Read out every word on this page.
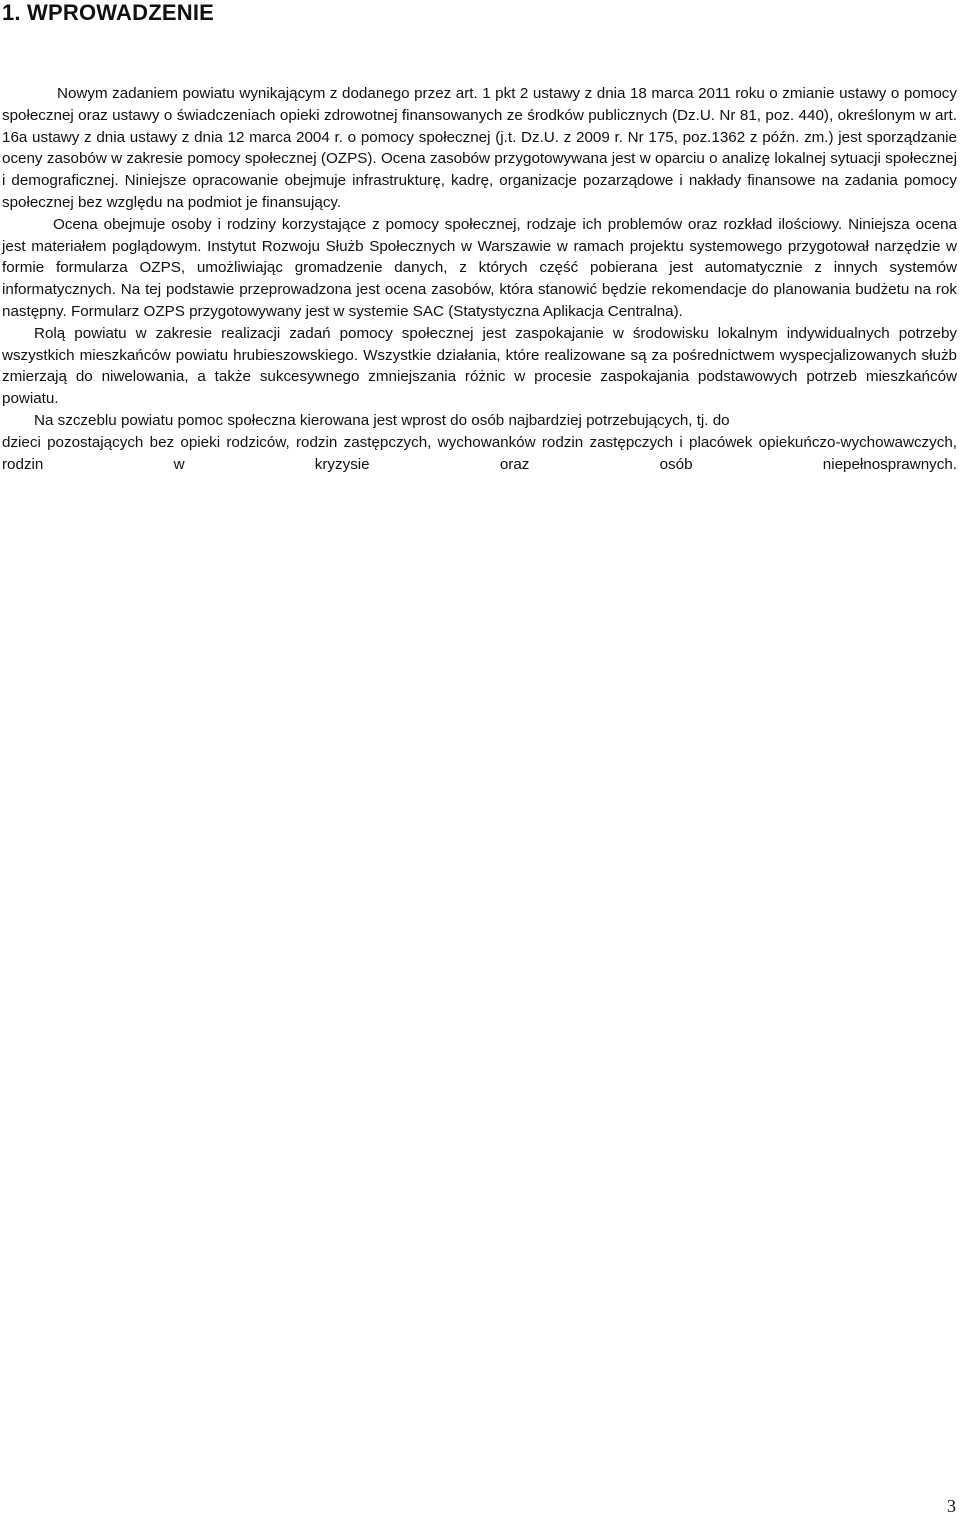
1. WPROWADZENIE

Nowym zadaniem powiatu wynikającym z dodanego przez art. 1 pkt 2 ustawy z dnia 18 marca 2011 roku o zmianie ustawy o pomocy społecznej oraz ustawy o świadczeniach opieki zdrowotnej finansowanych ze środków publicznych (Dz.U. Nr 81, poz. 440), określonym w art. 16a ustawy z dnia ustawy z dnia 12 marca 2004 r. o pomocy społecznej (j.t. Dz.U. z 2009 r. Nr 175, poz.1362 z późn. zm.) jest sporządzanie oceny zasobów w zakresie pomocy społecznej (OZPS). Ocena zasobów przygotowywana jest w oparciu o analizę lokalnej sytuacji społecznej i demograficznej. Niniejsze opracowanie obejmuje infrastrukturę, kadrę, organizacje pozarządowe i nakłady finansowe na zadania pomocy społecznej bez względu na podmiot je finansujący.

Ocena obejmuje osoby i rodziny korzystające z pomocy społecznej, rodzaje ich problemów oraz rozkład ilościowy. Niniejsza ocena jest materiałem poglądowym. Instytut Rozwoju Służb Społecznych w Warszawie w ramach projektu systemowego przygotował narzędzie w formie formularza OZPS, umożliwiając gromadzenie danych, z których część pobierana jest automatycznie z innych systemów informatycznych. Na tej podstawie przeprowadzona jest ocena zasobów, która stanowić będzie rekomendacje do planowania budżetu na rok następny. Formularz OZPS przygotowywany jest w systemie SAC (Statystyczna Aplikacja Centralna).

Rolą powiatu w zakresie realizacji zadań pomocy społecznej jest zaspokajanie w środowisku lokalnym indywidualnych potrzeby wszystkich mieszkańców powiatu hrubieszowskiego. Wszystkie działania, które realizowane są za pośrednictwem wyspecjalizowanych służb zmierzają do niwelowania, a także sukcesywnego zmniejszania różnic w procesie zaspokajania podstawowych potrzeb mieszkańców powiatu.

Na szczeblu powiatu pomoc społeczna kierowana jest wprost do osób najbardziej potrzebujących, tj. do

dzieci pozostających bez opieki rodziców, rodzin zastępczych, wychowanków rodzin zastępczych i placówek opiekuńczo-wychowawczych, rodzin w kryzysie oraz osób niepełnosprawnych.

3
